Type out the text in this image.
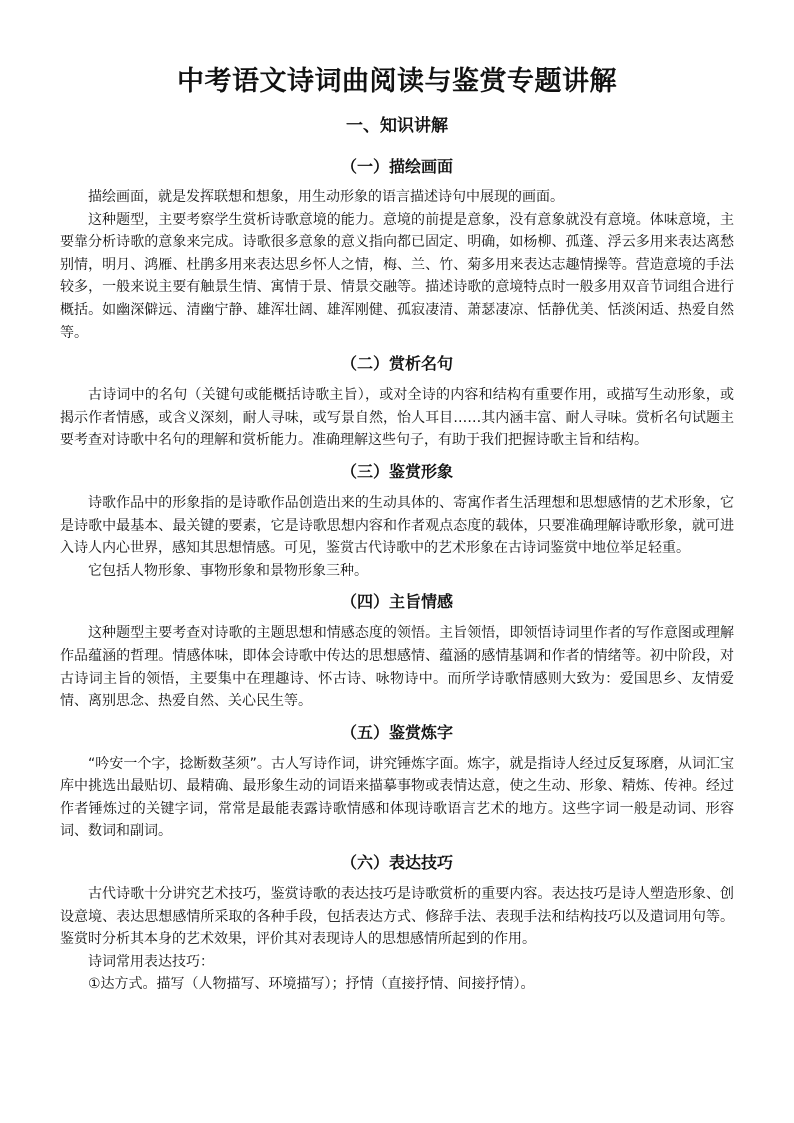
中考语文诗词曲阅读与鉴赏专题讲解
一、知识讲解
（一）描绘画面

描绘画面，就是发挥联想和想象，用生动形象的语言描述诗句中展现的画面。

这种题型，主要考察学生赏析诗歌意境的能力。意境的前提是意象，没有意象就没有意境。体味意境，主要靠分析诗歌的意象来完成。诗歌很多意象的意义指向都已固定、明确，如杨柳、孤蓬、浮云多用来表达离愁别情，明月、鸿雁、杜鹃多用来表达思乡怀人之情，梅、兰、竹、菊多用来表达志趣情操等。营造意境的手法较多，一般来说主要有触景生情、寓情于景、情景交融等。描述诗歌的意境特点时一般多用双音节词组合进行概括。如幽深僻远、清幽宁静、雄浑壮阔、雄浑刚健、孤寂凄清、萧瑟凄凉、恬静优美、恬淡闲适、热爱自然等。

（二）赏析名句

古诗词中的名句（关键句或能概括诗歌主旨），或对全诗的内容和结构有重要作用，或描写生动形象，或揭示作者情感，或含义深刻，耐人寻味，或写景自然，怡人耳目……其内涵丰富、耐人寻味。赏析名句试题主要考查对诗歌中名句的理解和赏析能力。准确理解这些句子，有助于我们把握诗歌主旨和结构。

（三）鉴赏形象

诗歌作品中的形象指的是诗歌作品创造出来的生动具体的、寄寓作者生活理想和思想感情的艺术形象，它是诗歌中最基本、最关键的要素，它是诗歌思想内容和作者观点态度的载体，只要准确理解诗歌形象，就可进入诗人内心世界，感知其思想情感。可见，鉴赏古代诗歌中的艺术形象在古诗词鉴赏中地位举足轻重。

它包括人物形象、事物形象和景物形象三种。

（四）主旨情感

这种题型主要考查对诗歌的主题思想和情感态度的领悟。主旨领悟，即领悟诗词里作者的写作意图或理解作品蕴涵的哲理。情感体味，即体会诗歌中传达的思想感情、蕴涵的感情基调和作者的情绪等。初中阶段，对古诗词主旨的领悟，主要集中在理趣诗、怀古诗、咏物诗中。而所学诗歌情感则大致为：爱国思乡、友情爱情、离别思念、热爱自然、关心民生等。

（五）鉴赏炼字

“吟安一个字，捻断数茎须”。古人写诗作词，讲究锤炼字面。炼字，就是指诗人经过反复琢磨，从词汇宝库中挑选出最贴切、最精确、最形象生动的词语来描摹事物或表情达意，使之生动、形象、精炼、传神。经过作者锤炼过的关键字词，常常是最能表露诗歌情感和体现诗歌语言艺术的地方。这些字词一般是动词、形容词、数词和副词。

（六）表达技巧

古代诗歌十分讲究艺术技巧，鉴赏诗歌的表达技巧是诗歌赏析的重要内容。表达技巧是诗人塑造形象、创设意境、表达思想感情所采取的各种手段，包括表达方式、修辞手法、表现手法和结构技巧以及遣词用句等。鉴赏时分析其本身的艺术效果，评价其对表现诗人的思想感情所起到的作用。

诗词常用表达技巧：

①达方式。描写（人物描写、环境描写）；抒情（直接抒情、间接抒情）。
